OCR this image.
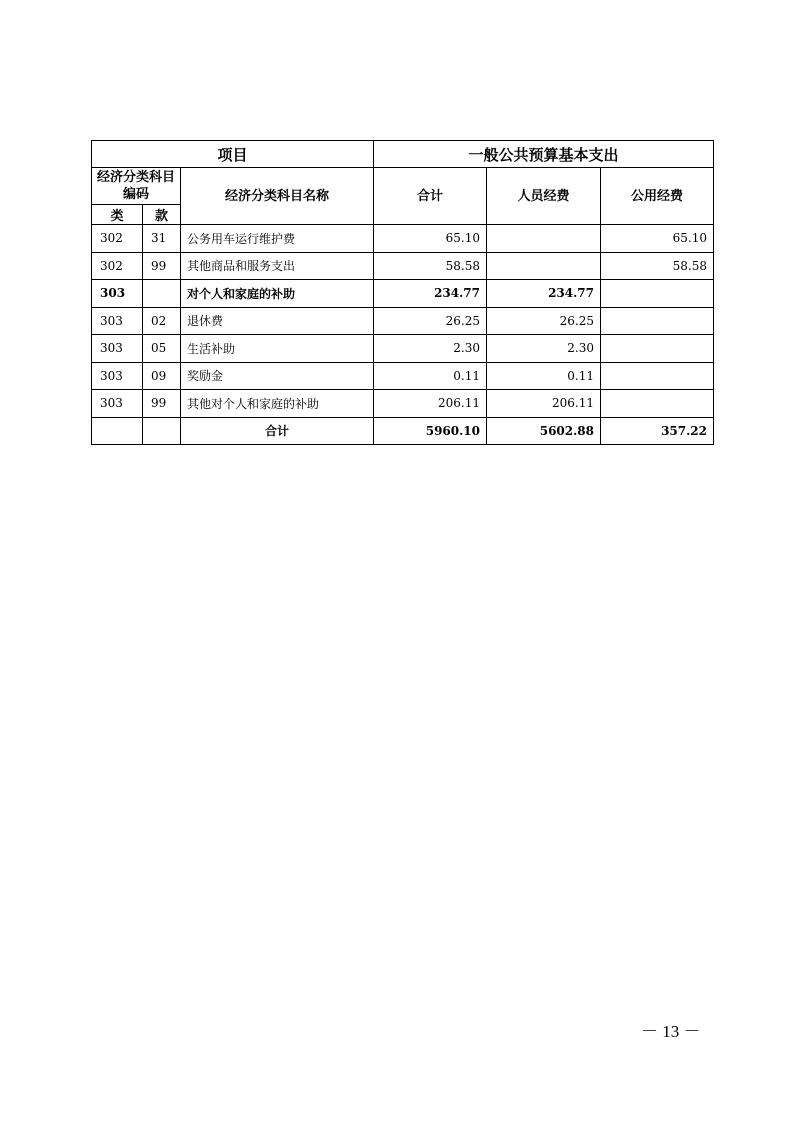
项目			一般公共预算基本支出		
经济分类科目编码		经济分类科目名称	合计	人员经费	公用经费
类	款				
302	31	公务用车运行维护费	65.10		65.10
302	99	其他商品和服务支出	58.58		58.58
303		对个人和家庭的补助	234.77	234.77	
303	02	退休费	26.25	26.25	
303	05	生活补助	2.30	2.30	
303	09	奖励金	0.11	0.11	
303	99	其他对个人和家庭的补助	206.11	206.11	
		合计	5960.10	5602.88	357.22
－ 13 －
